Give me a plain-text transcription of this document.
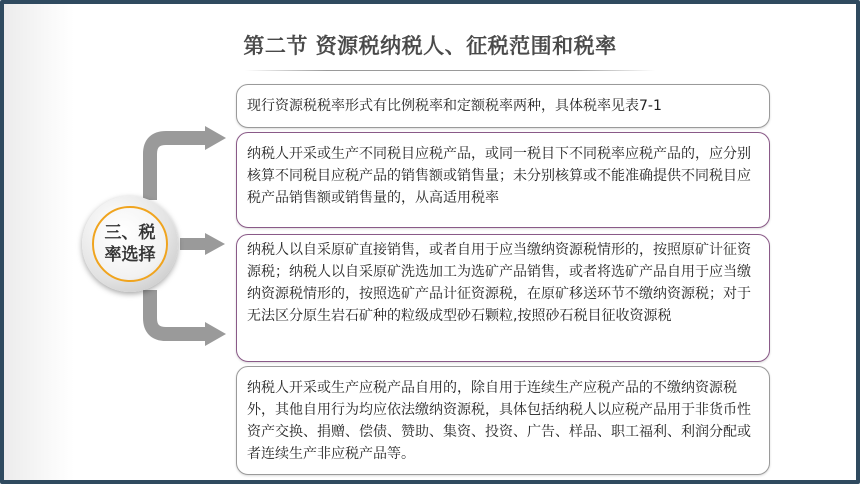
第二节 资源税纳税人、征税范围和税率
三、税率选择
现行资源税税率形式有比例税率和定额税率两种，具体税率见表7-1
纳税人开采或生产不同税目应税产品，或同一税目下不同税率应税产品的，应分别核算不同税目应税产品的销售额或销售量；未分别核算或不能准确提供不同税目应税产品销售额或销售量的，从高适用税率
纳税人以自采原矿直接销售，或者自用于应当缴纳资源税情形的，按照原矿计征资源税；纳税人以自采原矿洗选加工为选矿产品销售，或者将选矿产品自用于应当缴纳资源税情形的，按照选矿产品计征资源税，在原矿移送环节不缴纳资源税；对于无法区分原生岩石矿种的粒级成型砂石颗粒,按照砂石税目征收资源税
纳税人开采或生产应税产品自用的，除自用于连续生产应税产品的不缴纳资源税外，其他自用行为均应依法缴纳资源税，具体包括纳税人以应税产品用于非货币性资产交换、捐赠、偿债、赞助、集资、投资、广告、样品、职工福利、利润分配或者连续生产非应税产品等。
